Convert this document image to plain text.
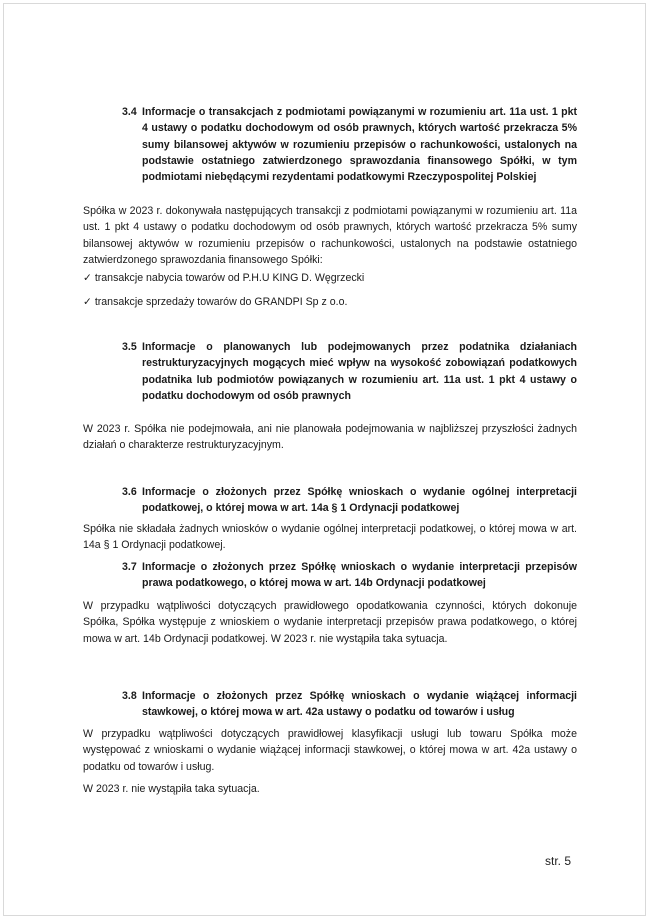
3.4 Informacje o transakcjach z podmiotami powiązanymi w rozumieniu art. 11a ust. 1 pkt 4 ustawy o podatku dochodowym od osób prawnych, których wartość przekracza 5% sumy bilansowej aktywów w rozumieniu przepisów o rachunkowości, ustalonych na podstawie ostatniego zatwierdzonego sprawozdania finansowego Spółki, w tym podmiotami niebędącymi rezydentami podatkowymi Rzeczypospolitej Polskiej
Spółka w 2023 r. dokonywała następujących transakcji z podmiotami powiązanymi w rozumieniu art. 11a ust. 1 pkt 4 ustawy o podatku dochodowym od osób prawnych, których wartość przekracza 5% sumy bilansowej aktywów w rozumieniu przepisów o rachunkowości, ustalonych na podstawie ostatniego zatwierdzonego sprawozdania finansowego Spółki:
✓ transakcje nabycia towarów od P.H.U KING D. Węgrzecki
✓ transakcje sprzedaży towarów do GRANDPI Sp z o.o.
3.5 Informacje o planowanych lub podejmowanych przez podatnika działaniach restrukturyzacyjnych mogących mieć wpływ na wysokość zobowiązań podatkowych podatnika lub podmiotów powiązanych w rozumieniu art. 11a ust. 1 pkt 4 ustawy o podatku dochodowym od osób prawnych
W 2023 r. Spółka nie podejmowała, ani nie planowała podejmowania w najbliższej przyszłości żadnych działań o charakterze restrukturyzacyjnym.
3.6 Informacje o złożonych przez Spółkę wnioskach o wydanie ogólnej interpretacji podatkowej, o której mowa w art. 14a § 1 Ordynacji podatkowej
Spółka nie składała żadnych wniosków o wydanie ogólnej interpretacji podatkowej, o której mowa w art. 14a § 1 Ordynacji podatkowej.
3.7 Informacje o złożonych przez Spółkę wnioskach o wydanie interpretacji przepisów prawa podatkowego, o której mowa w art. 14b Ordynacji podatkowej
W przypadku wątpliwości dotyczących prawidłowego opodatkowania czynności, których dokonuje Spółka, Spółka występuje z wnioskiem o wydanie interpretacji przepisów prawa podatkowego, o której mowa w art. 14b Ordynacji podatkowej. W 2023 r. nie wystąpiła taka sytuacja.
3.8 Informacje o złożonych przez Spółkę wnioskach o wydanie wiążącej informacji stawkowej, o której mowa w art. 42a ustawy o podatku od towarów i usług
W przypadku wątpliwości dotyczących prawidłowej klasyfikacji usługi lub towaru Spółka może występować z wnioskami o wydanie wiążącej informacji stawkowej, o której mowa w art. 42a ustawy o podatku od towarów i usług.
W 2023 r. nie wystąpiła taka sytuacja.
str. 5
